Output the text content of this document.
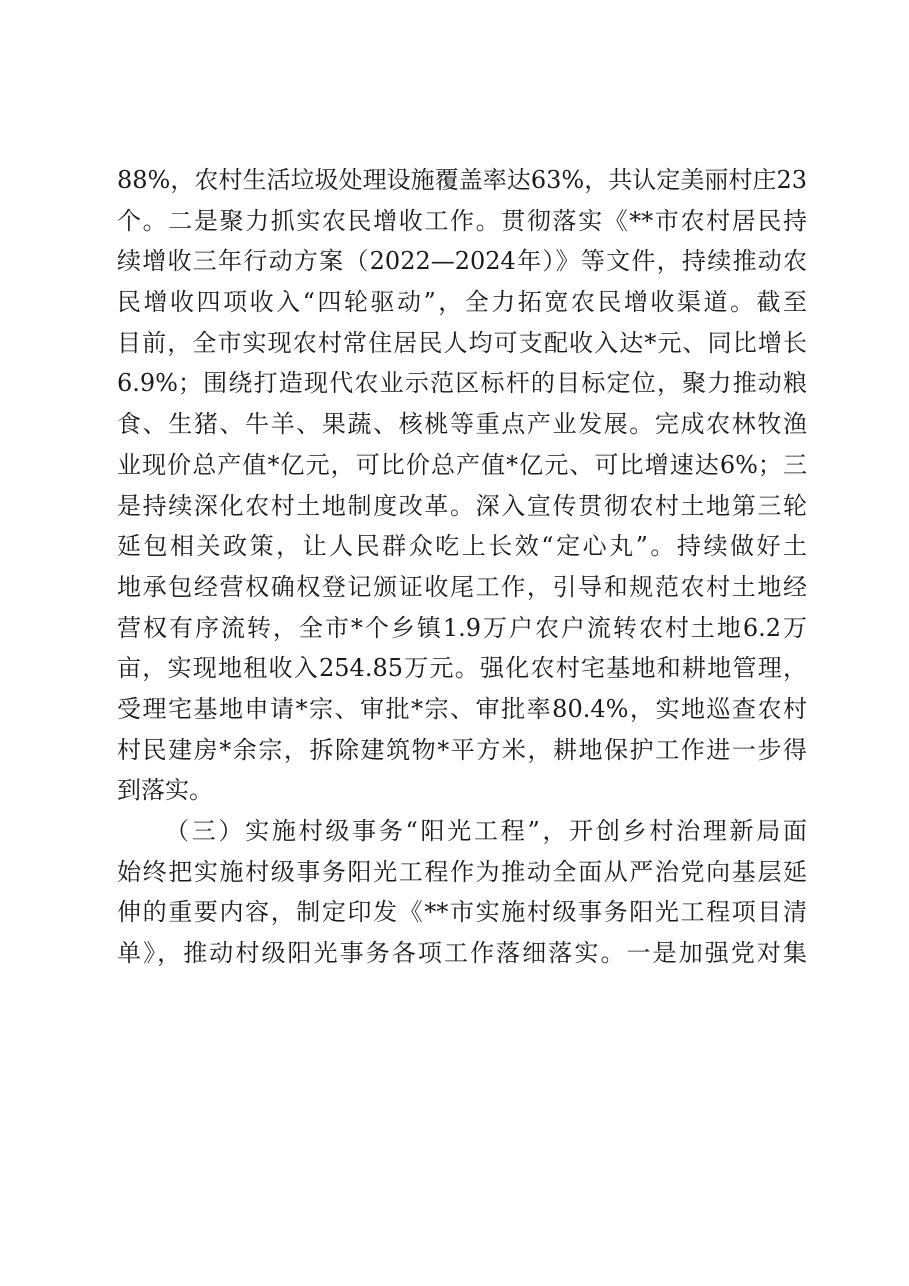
88%，农村生活垃圾处理设施覆盖率达63%，共认定美丽村庄23
个。二是聚力抓实农民增收工作。贯彻落实《**市农村居民持
续增收三年行动方案（2022—2024年）》等文件，持续推动农
民增收四项收入“四轮驱动”，全力拓宽农民增收渠道。截至
目前，全市实现农村常住居民人均可支配收入达*元、同比增长
6.9%；围绕打造现代农业示范区标杆的目标定位，聚力推动粮
食、生猪、牛羊、果蔬、核桃等重点产业发展。完成农林牧渔
业现价总产值*亿元，可比价总产值*亿元、可比增速达6%；三
是持续深化农村土地制度改革。深入宣传贯彻农村土地第三轮
延包相关政策，让人民群众吃上长效“定心丸”。持续做好土
地承包经营权确权登记颁证收尾工作，引导和规范农村土地经
营权有序流转，全市*个乡镇1.9万户农户流转农村土地6.2万
亩，实现地租收入254.85万元。强化农村宅基地和耕地管理，
受理宅基地申请*宗、审批*宗、审批率80.4%，实地巡查农村
村民建房*余宗，拆除建筑物*平方米，耕地保护工作进一步得
到落实。
（三）实施村级事务“阳光工程”，开创乡村治理新局面
始终把实施村级事务阳光工程作为推动全面从严治党向基层延
伸的重要内容，制定印发《**市实施村级事务阳光工程项目清
单》，推动村级阳光事务各项工作落细落实。一是加强党对集
